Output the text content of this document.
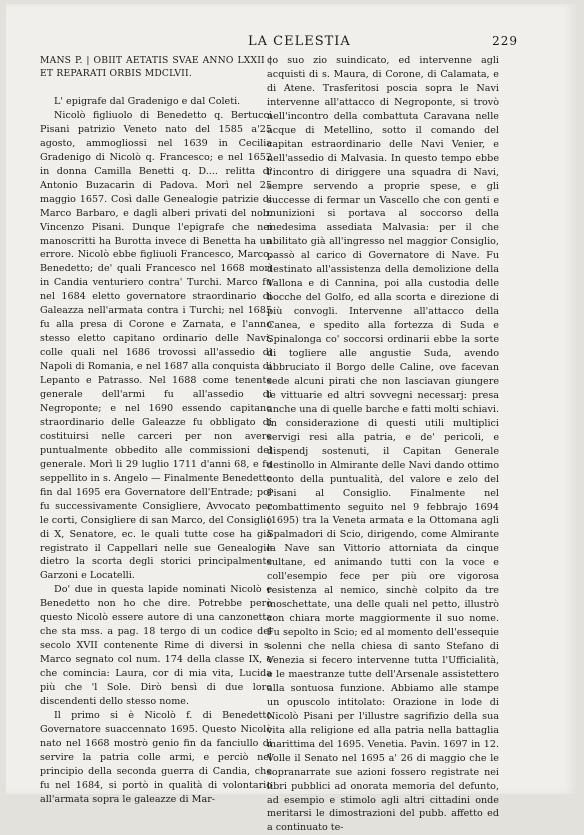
LA CELESTIA	229

MANS P. | OBIIT AETATIS SVAE ANNO LXXII | ET REPARATI ORBIS MDCLVII.

L' epigrafe dal Gradenigo e dal Coleti.

Nicolò figliuolo di Benedetto q. Bertucci Pisani patrizio Veneto nato del 1585 a'25 agosto, ammogliossi nel 1639 in Cecilia Gradenigo di Nicolò q. Francesco; e nel 1652 in donna Camilla Benetti q. D.... relitta di Antonio Buzacarin di Padova. Morì nel 25 maggio 1657. Così dalle Genealogie patrizie di Marco Barbaro, e dagli alberi privati del nob. Vincenzo Pisani. Dunque l'epigrafe che nei manoscritti ha Burotta invece di Benetta ha un errore. Nicolò ebbe figliuoli Francesco, Marco, Benedetto; de' quali Francesco nel 1668 morì in Candia venturiero contra' Turchi. Marco fu nel 1684 eletto governatore straordinario di Galeazza nell'armata contra i Turchi; nel 1685 fu alla presa di Corone e Zarnata, e l'anno stesso eletto capitano ordinario delle Navi, colle quali nel 1686 trovossi all'assedio di Napoli di Romania, e nel 1687 alla conquista di Lepanto e Patrasso. Nel 1688 come tenente generale dell'armi fu all'assedio di Negroponte; e nel 1690 essendo capitano straordinario delle Galeazze fu obbligato di costituirsi nelle carceri per non avere puntualmente obbedito alle commissioni del generale. Morì li 29 luglio 1711 d'anni 68, e fu seppellito in s. Angelo — Finalmente Benedetto fin dal 1695 era Governatore dell'Entrade; poi fu successivamente Consigliere, Avvocato per le corti, Consigliere di san Marco, del Consiglio di X, Senatore, ec. le quali tutte cose ha già registrato il Cappellari nelle sue Genealogie dietro la scorta degli storici principalmente Garzoni e Locatelli.

Do' due in questa lapide nominati Nicolò e Benedetto non ho che dire. Potrebbe però questo Nicolò essere autore di una canzonetta che sta mss. a pag. 18 tergo di un codice del secolo XVII contenente Rime di diversi in s. Marco segnato col num. 174 della classe IX, e che comincia: Laura, cor di mia vita, Lucida più che 'l Sole. Dirò bensì di due loro discendenti dello stesso nome.

Il primo si è Nicolò f. di Benedetto Governatore suaccennato 1695. Questo Nicolò nato nel 1668 mostrò genio fin da fanciullo di servire la patria colle armi, e perciò nel principio della seconda guerra di Candia, che fu nel 1684, si portò in qualità di volontario all'armata sopra le galeazze di Mar-

co suo zio suindicato, ed intervenne agli acquisti di s. Maura, di Corone, di Calamata, e di Atene. Trasferitosi poscia sopra le Navi intervenne all'attacco di Negroponte, si trovò nell'incontro della combattuta Caravana nelle acque di Metellino, sotto il comando del capitan estraordinario delle Navi Venier, e nell'assedio di Malvasia. In questo tempo ebbe l'incontro di diriggere una squadra di Navi, sempre servendo a proprie spese, e gli successe di fermar un Vascello che con genti e munizioni si portava al soccorso della medesima assediata Malvasia: per il che abilitato già all'ingresso nel maggior Consiglio, passò al carico di Governatore di Nave. Fu destinato all'assistenza della demolizione della Vallona e di Cannina, poi alla custodia delle bocche del Golfo, ed alla scorta e direzione di più convogli. Intervenne all'attacco della Canea, e spedito alla fortezza di Suda e Spinalonga co' soccorsi ordinarii ebbe la sorte di togliere alle angustie Suda, avendo abbruciato il Borgo delle Caline, ove facevan sede alcuni pirati che non lasciavan giungere le vittuarie ed altri sovvegni necessarj: presa anche una di quelle barche e fatti molti schiavi. In considerazione di questi utili multiplici servigi resi alla patria, e de' pericoli, e dispendj sostenuti, il Capitan Generale destinollo in Almirante delle Navi dando ottimo conto della puntualità, del valore e zelo del Pisani al Consiglio. Finalmente nel combattimento seguito nel 9 febbrajo 1694 (1695) tra la Veneta armata e la Ottomana agli Spalmadori di Scio, dirigendo, come Almirante la Nave san Vittorio attorniata da cinque sultane, ed animando tutti con la voce e coll'esempio fece per più ore vigorosa resistenza al nemico, sinchè colpito da tre moschettate, una delle quali nel petto, illustrò con chiara morte maggiormente il suo nome. Fu sepolto in Scio; ed al momento dell'essequie solenni che nella chiesa di santo Stefano di Venezia si fecero intervenne tutta l'Ufficialità, e le maestranze tutte dell'Arsenale assistettero alla sontuosa funzione. Abbiamo alle stampe un opuscolo intitolato: Orazione in lode di Nicolò Pisani per l'illustre sagrifizio della sua vita alla religione ed alla patria nella battaglia marittima del 1695. Venetia. Pavin. 1697 in 12. Volle il Senato nel 1695 a' 26 di maggio che le sopranarrate sue azioni fossero registrate nei libri pubblici ad onorata memoria del defunto, ad esempio e stimolo agli altri cittadini onde meritarsi le dimostrazioni del pubb. affetto ed a continuato te-
